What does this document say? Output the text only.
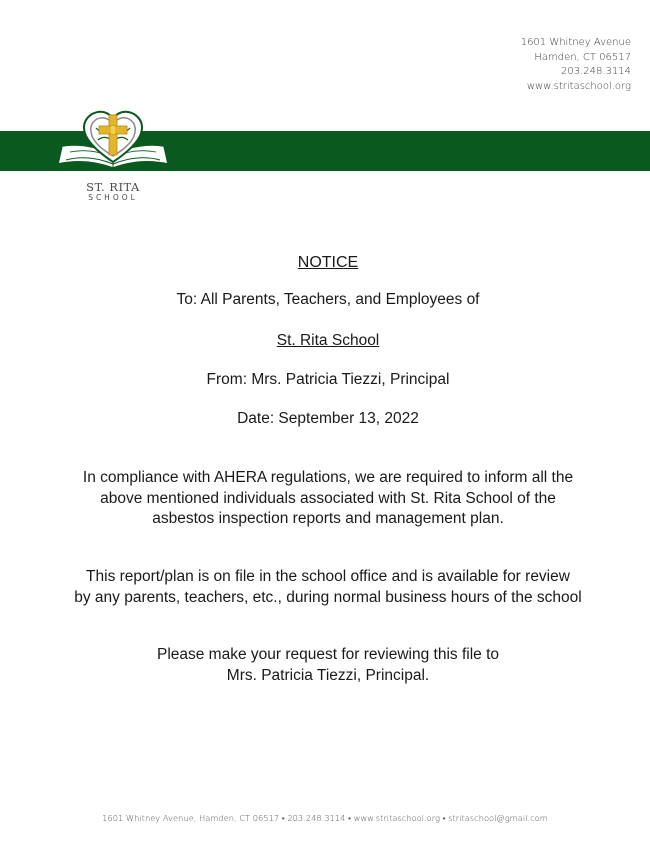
1601 Whitney Avenue
Hamden, CT 06517
203.248.3114
www.stritaschool.org
ST. RITA
SCHOOL
NOTICE
To: All Parents, Teachers, and Employees of
St. Rita School
From: Mrs. Patricia Tiezzi, Principal
Date: September 13, 2022
In compliance with AHERA regulations, we are required to inform all the
above mentioned individuals associated with St. Rita School of the
asbestos inspection reports and management plan.
This report/plan is on file in the school office and is available for review
by any parents, teachers, etc., during normal business hours of the school
Please make your request for reviewing this file to
Mrs. Patricia Tiezzi, Principal.
1601 Whitney Avenue, Hamden, CT 06517 • 203.248.3114 • www.stritaschool.org • stritaschool@gmail.com
